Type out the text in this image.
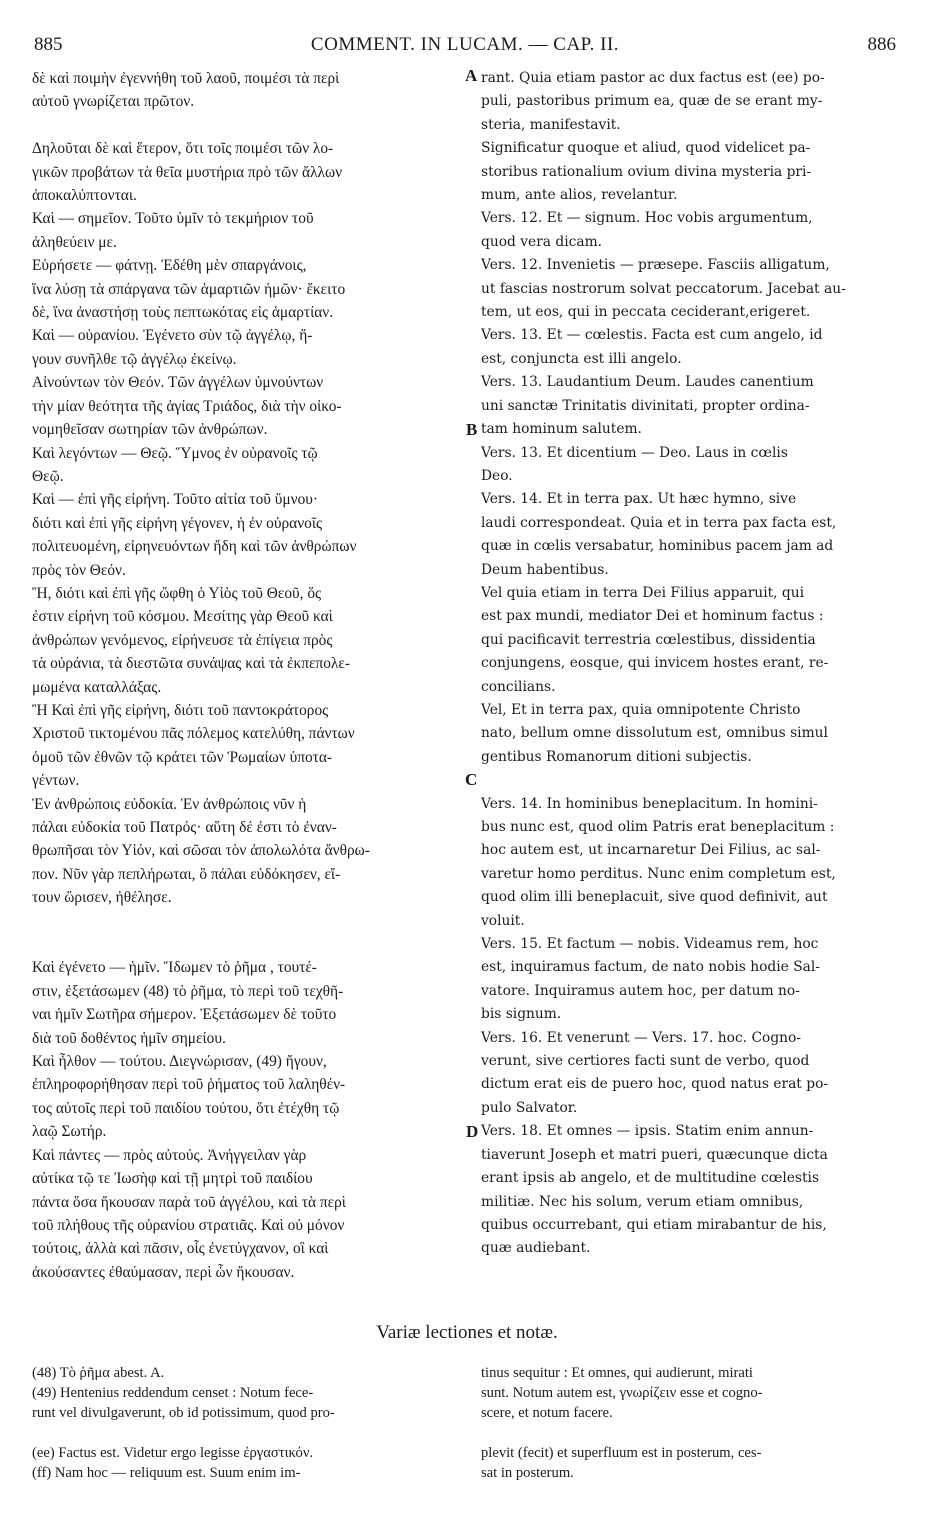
885	COMMENT. IN LUCAM. — CAP. II.	886
A
B
C
D
δὲ καὶ ποιμὴν ἐγεννήθη τοῦ λαοῦ, ποιμέσι τὰ περὶ
αὐτοῦ γνωρίζεται πρῶτον.

Δηλοῦται δὲ καὶ ἕτερον, ὅτι τοῖς ποιμέσι τῶν λο-
γικῶν προβάτων τὰ θεῖα μυστήρια πρὸ τῶν ἄλλων
ἀποκαλύπτονται.
Καὶ — σημεῖον. Τοῦτο ὑμῖν τὸ τεκμήριον τοῦ
ἀληθεύειν με.
Εὑρήσετε — φάτνῃ. Ἐδέθη μὲν σπαργάνοις,
ἵνα λύσῃ τὰ σπάργανα τῶν ἁμαρτιῶν ἡμῶν· ἔκειτο
δὲ, ἵνα ἀναστήσῃ τοὺς πεπτωκότας εἰς ἁμαρτίαν.
Καὶ — οὐρανίου. Ἐγένετο σὺν τῷ ἀγγέλῳ, ἤ-
γουν συνῆλθε τῷ ἀγγέλῳ ἐκείνῳ.
Αἰνούντων τὸν Θεόν. Τῶν ἀγγέλων ὑμνούντων
τὴν μίαν θεότητα τῆς ἁγίας Τριάδος, διὰ τὴν οἰκο-
νομηθεῖσαν σωτηρίαν τῶν ἀνθρώπων.
Καὶ λεγόντων — Θεῷ. Ὕμνος ἐν οὐρανοῖς τῷ
Θεῷ.
Καὶ — ἐπὶ γῆς εἰρήνη. Τοῦτο αἰτία τοῦ ὕμνου·
διότι καὶ ἐπὶ γῆς εἰρήνη γέγονεν, ἡ ἐν οὐρανοῖς
πολιτευομένη, εἰρηνευόντων ἤδη καὶ τῶν ἀνθρώπων
πρὸς τὸν Θεόν.
Ἢ, διότι καὶ ἐπὶ γῆς ὤφθη ὁ Υἱὸς τοῦ Θεοῦ, ὅς
ἐστιν εἰρήνη τοῦ κόσμου. Μεσίτης γὰρ Θεοῦ καὶ
ἀνθρώπων γενόμενος, εἰρήνευσε τὰ ἐπίγεια πρὸς
τὰ οὐράνια, τὰ διεστῶτα συνάψας καὶ τὰ ἐκπεπολε-
μωμένα καταλλάξας.
Ἢ Καὶ ἐπὶ γῆς εἰρήνη, διότι τοῦ παντοκράτορος
Χριστοῦ τικτομένου πᾶς πόλεμος κατελύθη, πάντων
ὁμοῦ τῶν ἐθνῶν τῷ κράτει τῶν Ῥωμαίων ὑποτα-
γέντων.
Ἐν ἀνθρώποις εὐδοκία. Ἐν ἀνθρώποις νῦν ἡ
πάλαι εὐδοκία τοῦ Πατρός· αὕτη δέ ἐστι τὸ ἐναν-
θρωπῆσαι τὸν Υἱόν, καὶ σῶσαι τὸν ἀπολωλότα ἄνθρω-
πον. Νῦν γὰρ πεπλήρωται, ὃ πάλαι εὐδόκησεν, εἴ-
τουν ὥρισεν, ἠθέλησε.

Καὶ ἐγένετο — ἡμῖν. Ἴδωμεν τὸ ῥῆμα , τουτέ-
στιν, ἐξετάσωμεν (48) τὸ ῥῆμα, τὸ περὶ τοῦ τεχθῆ-
ναι ἡμῖν Σωτῆρα σήμερον. Ἐξετάσωμεν δὲ τοῦτο
διὰ τοῦ δοθέντος ἡμῖν σημείου.
Καὶ ἦλθον — τούτου. Διεγνώρισαν, (49) ἤγουν,
ἐπληροφορήθησαν περὶ τοῦ ῥήματος τοῦ λαληθέν-
τος αὐτοῖς περὶ τοῦ παιδίου τούτου, ὅτι ἐτέχθη τῷ
λαῷ Σωτήρ.
Καὶ πάντες — πρὸς αὐτούς. Ἀνήγγειλαν γὰρ
αὐτίκα τῷ τε Ἰωσὴφ καὶ τῇ μητρὶ τοῦ παιδίου
πάντα ὅσα ἤκουσαν παρὰ τοῦ ἀγγέλου, καὶ τὰ περὶ
τοῦ πλήθους τῆς οὐρανίου στρατιᾶς. Καὶ οὐ μόνον
τούτοις, ἀλλὰ καὶ πᾶσιν, οἷς ἐνετύγχανον, οἳ καὶ
ἀκούσαντες ἐθαύμασαν, περὶ ὧν ἤκουσαν.
rant. Quia etiam pastor ac dux factus est (ee) po-
puli, pastoribus primum ea, quæ de se erant my-
steria, manifestavit.
Significatur quoque et aliud, quod videlicet pa-
storibus rationalium ovium divina mysteria pri-
mum, ante alios, revelantur.
Vers. 12. Et — signum. Hoc vobis argumentum,
quod vera dicam.
Vers. 12. Invenietis — præsepe. Fasciis alligatum,
ut fascias nostrorum solvat peccatorum. Jacebat au-
tem, ut eos, qui in peccata ceciderant,erigeret.
Vers. 13. Et — cœlestis. Facta est cum angelo, id
est, conjuncta est illi angelo.
Vers. 13. Laudantium Deum. Laudes canentium
uni sanctæ Trinitatis divinitati, propter ordina-
tam hominum salutem.
Vers. 13. Et dicentium — Deo. Laus in cœlis
Deo.
Vers. 14. Et in terra pax. Ut hæc hymno, sive
laudi correspondeat. Quia et in terra pax facta est,
quæ in cœlis versabatur, hominibus pacem jam ad
Deum habentibus.
Vel quia etiam in terra Dei Filius apparuit, qui
est pax mundi, mediator Dei et hominum factus :
qui pacificavit terrestria cœlestibus, dissidentia
conjungens, eosque, qui invicem hostes erant, re-
concilians.
Vel, Et in terra pax, quia omnipotente Christo
nato, bellum omne dissolutum est, omnibus simul
gentibus Romanorum ditioni subjectis.

Vers. 14. In hominibus beneplacitum. In homini-
bus nunc est, quod olim Patris erat beneplacitum :
hoc autem est, ut incarnaretur Dei Filius, ac sal-
varetur homo perditus. Nunc enim completum est,
quod olim illi beneplacuit, sive quod definivit, aut
voluit.
Vers. 15. Et factum — nobis. Videamus rem, hoc
est, inquiramus factum, de nato nobis hodie Sal-
vatore. Inquiramus autem hoc, per datum no-
bis signum.
Vers. 16. Et venerunt — Vers. 17. hoc. Cogno-
verunt, sive certiores facti sunt de verbo, quod
dictum erat eis de puero hoc, quod natus erat po-
pulo Salvator.
Vers. 18. Et omnes — ipsis. Statim enim annun-
tiaverunt Joseph et matri pueri, quæcunque dicta
erant ipsis ab angelo, et de multitudine cœlestis
militiæ. Nec his solum, verum etiam omnibus,
quibus occurrebant, qui etiam mirabantur de his,
quæ audiebant.
Variæ lectiones et notæ.
(48) Τὸ ῥῆμα abest. A.
(49) Hentenius reddendum censet : Notum fece-
runt vel divulgaverunt, ob id potissimum, quod pro-

(ee) Factus est. Videtur ergo legisse ἐργαστικόν.
(ff) Nam hoc — reliquum est. Suum enim im-
tinus sequitur : Et omnes, qui audierunt, mirati
sunt. Notum autem est, γνωρίζειν esse et cogno-
scere, et notum facere.

plevit (fecit) et superfluum est in posterum, ces-
sat in posterum.
